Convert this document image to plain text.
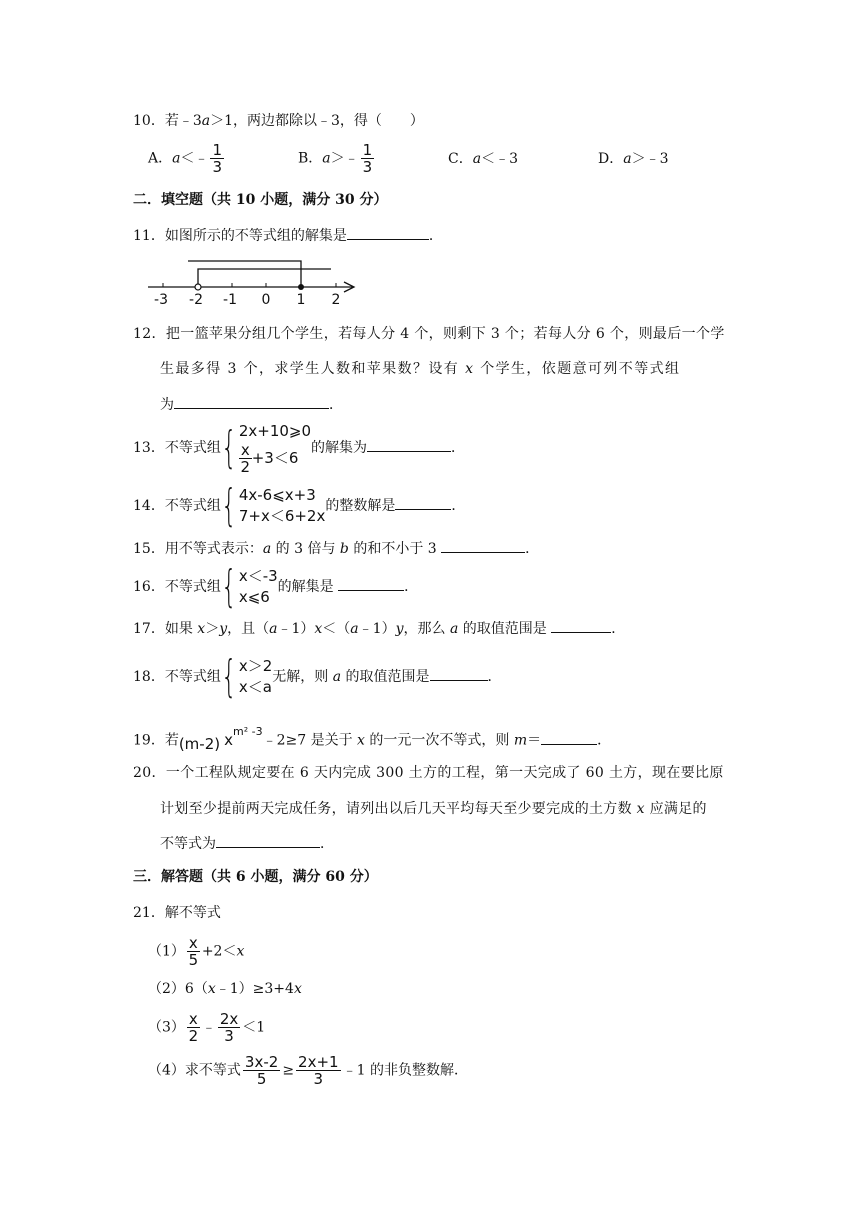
10．若﹣3a＞1，两边都除以﹣3，得（　　）
A．a＜﹣ $\frac{1}{3}$	B．a＞﹣ $\frac{1}{3}$	C．a＜﹣3	D．a＞﹣3
二．填空题（共 10 小题，满分 30 分）
11．如图所示的不等式组的解集是	．
-3 -2 -1 0 1 2
12．把一篮苹果分组几个学生，若每人分 4 个，则剩下 3 个；若每人分 6 个，则最后一个学
生最多得 3 个，求学生人数和苹果数？设有 x 个学生，依题意可列不等式组
为	．
13．不等式组 { 2x+10⩾0
$\frac{x}{2} +3<6$
的解集为	．
14．不等式组 { 4x-6⩽x+3
7+x＜6+2x
的整数解是	．
15．用不等式表示：a 的 3 倍与 b 的和不小于 3	．
16．不等式组 { x＜-3
x⩽6
的解集是	．
17．如果 x＞y，且（a﹣1）x＜（a﹣1）y，那么 a 的取值范围是	．
18．不等式组 { x＞2
x＜a
无解，则 a 的取值范围是	．
19．若(m-2) $x^{m^2 -3}﹣2\ge 7$ 是关于 x 的一元一次不等式，则 m＝	．
20．一个工程队规定要在 6 天内完成 300 土方的工程，第一天完成了 60 土方，现在要比原
计划至少提前两天完成任务，请列出以后几天平均每天至少要完成的土方数 x 应满足的
不等式为	．
三．解答题（共 6 小题，满分 60 分）
21．解不等式
$(1) \frac{x}{5} +2<x$
（2）6（x﹣1）≥3+4x
$(3) \frac{x}{2}$ ﹣ $\frac{2x}{3} <1$
（4）求不等式 $\frac{3x-2}{5} \ge \frac{2x+1}{3}$ ﹣1 的非负整数解．
